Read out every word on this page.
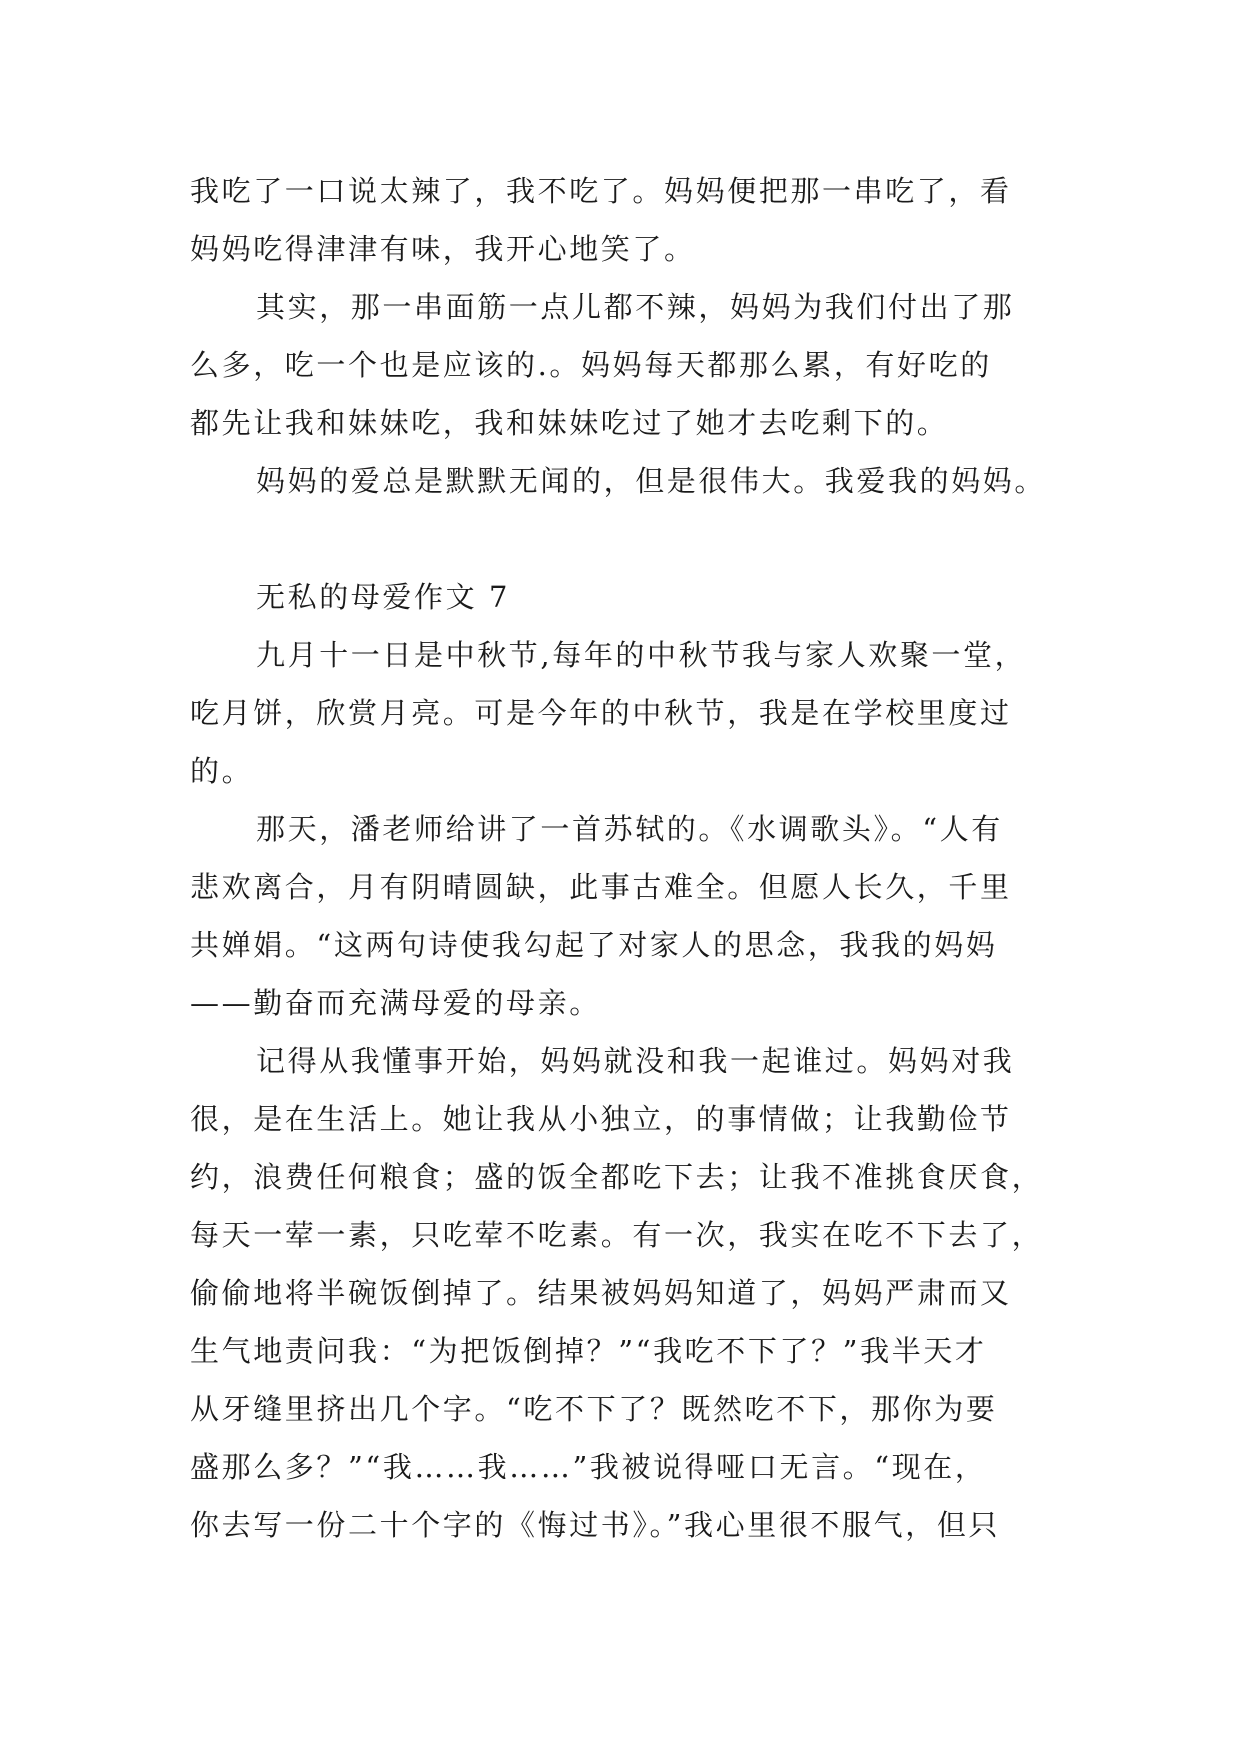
我吃了一口说太辣了，我不吃了。妈妈便把那一串吃了，看
妈妈吃得津津有味，我开心地笑了。
其实，那一串面筋一点儿都不辣，妈妈为我们付出了那
么多，吃一个也是应该的.。妈妈每天都那么累，有好吃的
都先让我和妹妹吃，我和妹妹吃过了她才去吃剩下的。
妈妈的爱总是默默无闻的，但是很伟大。我爱我的妈妈。
无私的母爱作文 7
九月十一日是中秋节,每年的中秋节我与家人欢聚一堂，
吃月饼，欣赏月亮。可是今年的中秋节，我是在学校里度过
的。
那天，潘老师给讲了一首苏轼的。《水调歌头》。“人有
悲欢离合，月有阴晴圆缺，此事古难全。但愿人长久，千里
共婵娟。“这两句诗使我勾起了对家人的思念，我我的妈妈
——勤奋而充满母爱的母亲。
记得从我懂事开始，妈妈就没和我一起谁过。妈妈对我
很，是在生活上。她让我从小独立，的事情做；让我勤俭节
约，浪费任何粮食；盛的饭全都吃下去；让我不准挑食厌食，
每天一荤一素，只吃荤不吃素。有一次，我实在吃不下去了，
偷偷地将半碗饭倒掉了。结果被妈妈知道了，妈妈严肃而又
生气地责问我：“为把饭倒掉？”“我吃不下了？”我半天才
从牙缝里挤出几个字。“吃不下了？既然吃不下，那你为要
盛那么多？”“我……我……”我被说得哑口无言。“现在，
你去写一份二十个字的《悔过书》。”我心里很不服气，但只
